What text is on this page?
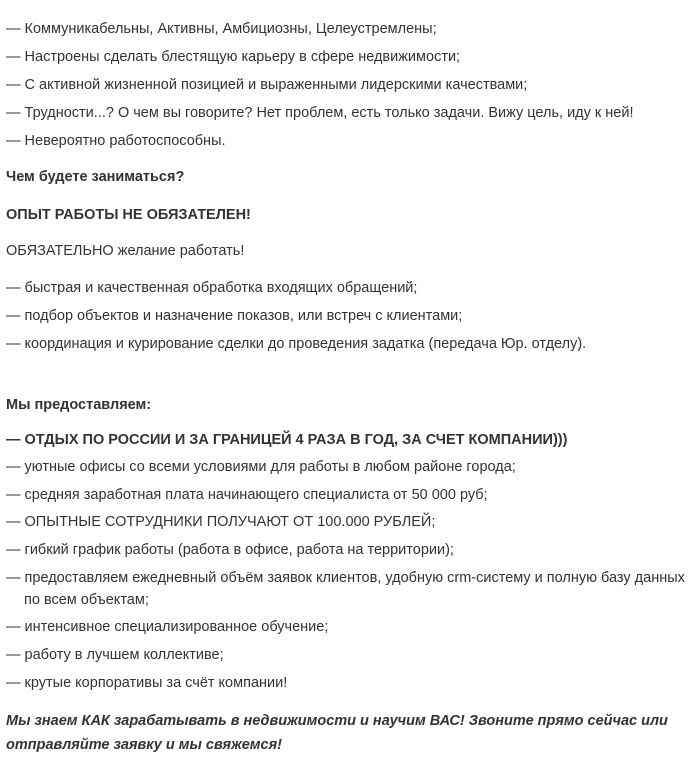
— Коммуникабельны, Активны, Амбициозны, Целеустремлены;
— Настроены сделать блестящую карьеру в сфере недвижимости;
— С активной жизненной позицией и выраженными лидерскими качествами;
— Трудности...? О чем вы говорите? Нет проблем, есть только задачи. Вижу цель, иду к ней!
— Невероятно работоспособны.
Чем будете заниматься?
ОПЫТ РАБОТЫ НЕ ОБЯЗАТЕЛЕН!
ОБЯЗАТЕЛЬНО желание работать!
— быстрая и качественная обработка входящих обращений;
— подбор объектов и назначение показов, или встреч с клиентами;
— координация и курирование сделки до проведения задатка (передача Юр. отделу).
Мы предоставляем:
— ОТДЫХ ПО РОССИИ И ЗА ГРАНИЦЕЙ 4 РАЗА В ГОД, ЗА СЧЕТ КОМПАНИИ)))
— уютные офисы со всеми условиями для работы в любом районе города;
— средняя заработная плата начинающего специалиста от 50 000 руб;
— ОПЫТНЫЕ СОТРУДНИКИ ПОЛУЧАЮТ ОТ 100.000 РУБЛЕЙ;
— гибкий график работы (работа в офисе, работа на территории);
— предоставляем ежедневный объём заявок клиентов, удобную crm-систему и полную базу данных по всем объектам;
— интенсивное специализированное обучение;
— работу в лучшем коллективе;
— крутые корпоративы за счёт компании!
Мы знаем КАК зарабатывать в недвижимости и научим ВАС! Звоните прямо сейчас или отправляйте заявку и мы свяжемся!
